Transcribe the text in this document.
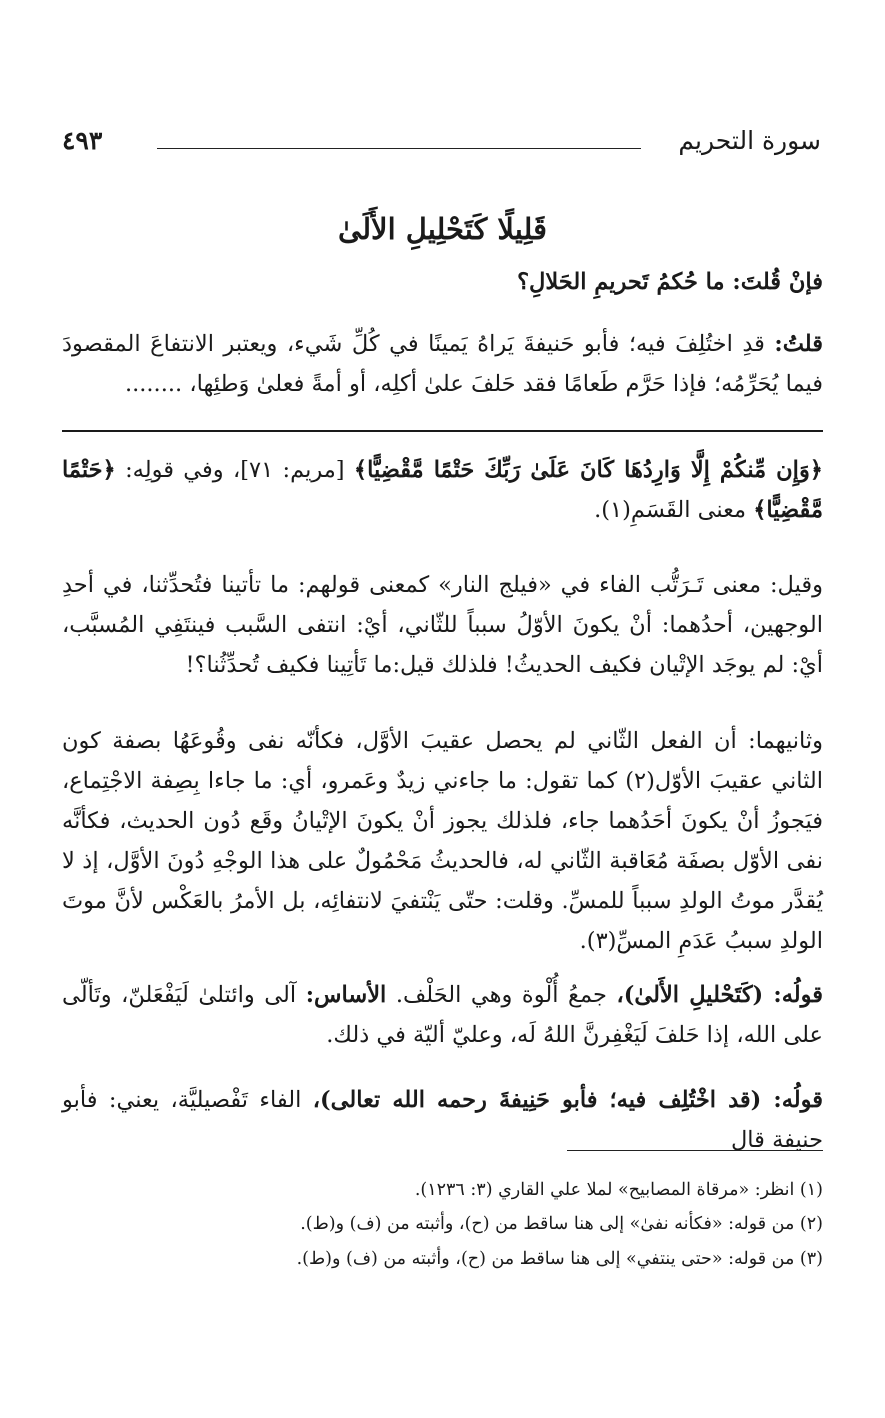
سورة التحريم
٤٩٣
قَلِيلًا كَتَحْلِيلِ الأَلَىٰ
فإنْ قُلتَ: ما حُكمُ تَحريمِ الحَلالِ؟
قلتُ: قدِ اختُلِفَ فيه؛ فأبو حَنيفةَ يَراهُ يَمينًا في كُلِّ شَيء، ويعتبر الانتفاعَ المقصودَ فيما يُحَرِّمُه؛ فإذا حَرَّم طَعامًا فقد حَلفَ علىٰ أكلِه، أو أمةً فعلىٰ وَطئِها، ........
﴿وَإِن مِّنكُمْ إِلَّا وَارِدُهَا كَانَ عَلَىٰ رَبِّكَ حَتْمًا مَّقْضِيًّا﴾ [مريم: ٧١]، وفي قولِه: ﴿حَتْمًا مَّقْضِيًّا﴾ معنى القَسَمِ(١).
وقيل: معنى تَـرَتُّب الفاء في «فيلج النار» كمعنى قولهم: ما تأتينا فتُحدِّثنا، في أحدِ الوجهين، أحدُهما: أنْ يكونَ الأوّلُ سبباً للثّاني، أيْ: انتفى السَّبب فينتَفِي المُسبَّب، أيْ: لم يوجَد الإتْيان فكيف الحديثُ! فلذلك قيل:ما تَأتِينا فكيف تُحدِّثُنا؟!
وثانيهما: أن الفعل الثّاني لم يحصل عقيبَ الأوَّل، فكأنّه نفى وقُوعَهُا بصفة كون الثاني عقيبَ الأوّل(٢) كما تقول: ما جاءني زيدٌ وعَمرو، أي: ما جاءا بِصِفة الاجْتِماع، فيَجوزُ أنْ يكونَ أحَدُهما جاء، فلذلك يجوز أنْ يكونَ الإتْيانُ وقَع دُون الحديث، فكأنَّه نفى الأوّل بصفَة مُعَاقبة الثّاني له، فالحديثُ مَحْمُولٌ على هذا الوجْهِ دُونَ الأوَّل، إذ لا يُقدَّر موتُ الولدِ سبباً للمسِّ. وقلت: حتّى يَنْتفيَ لانتفائِه، بل الأمرُ بالعَكْس لأنَّ موتَ الولدِ سببُ عَدَمِ المسِّ(٣).
قولُه: (كَتَحْليلِ الأَلىٰ)، جمعُ أُلْوة وهي الحَلْف. الأساس: آلى وائتلىٰ لَيَفْعَلنّ، وتَألّى على الله، إذا حَلفَ لَيَغْفِرنَّ اللهُ لَه، وعليّ أليّة في ذلك.
قولُه: (قد اخْتُلِف فيه؛ فأبو حَنِيفةَ رحمه الله تعالى)، الفاء تَفْصيليَّة، يعني: فأبو حنيفة قال
(١) انظر: «مرقاة المصابيح» لملا علي القاري (٣: ١٢٣٦).
(٢) من قوله: «فكأنه نفىٰ» إلى هنا ساقط من (ح)، وأثبته من (ف) و(ط).
(٣) من قوله: «حتى ينتفي» إلى هنا ساقط من (ح)، وأثبته من (ف) و(ط).
